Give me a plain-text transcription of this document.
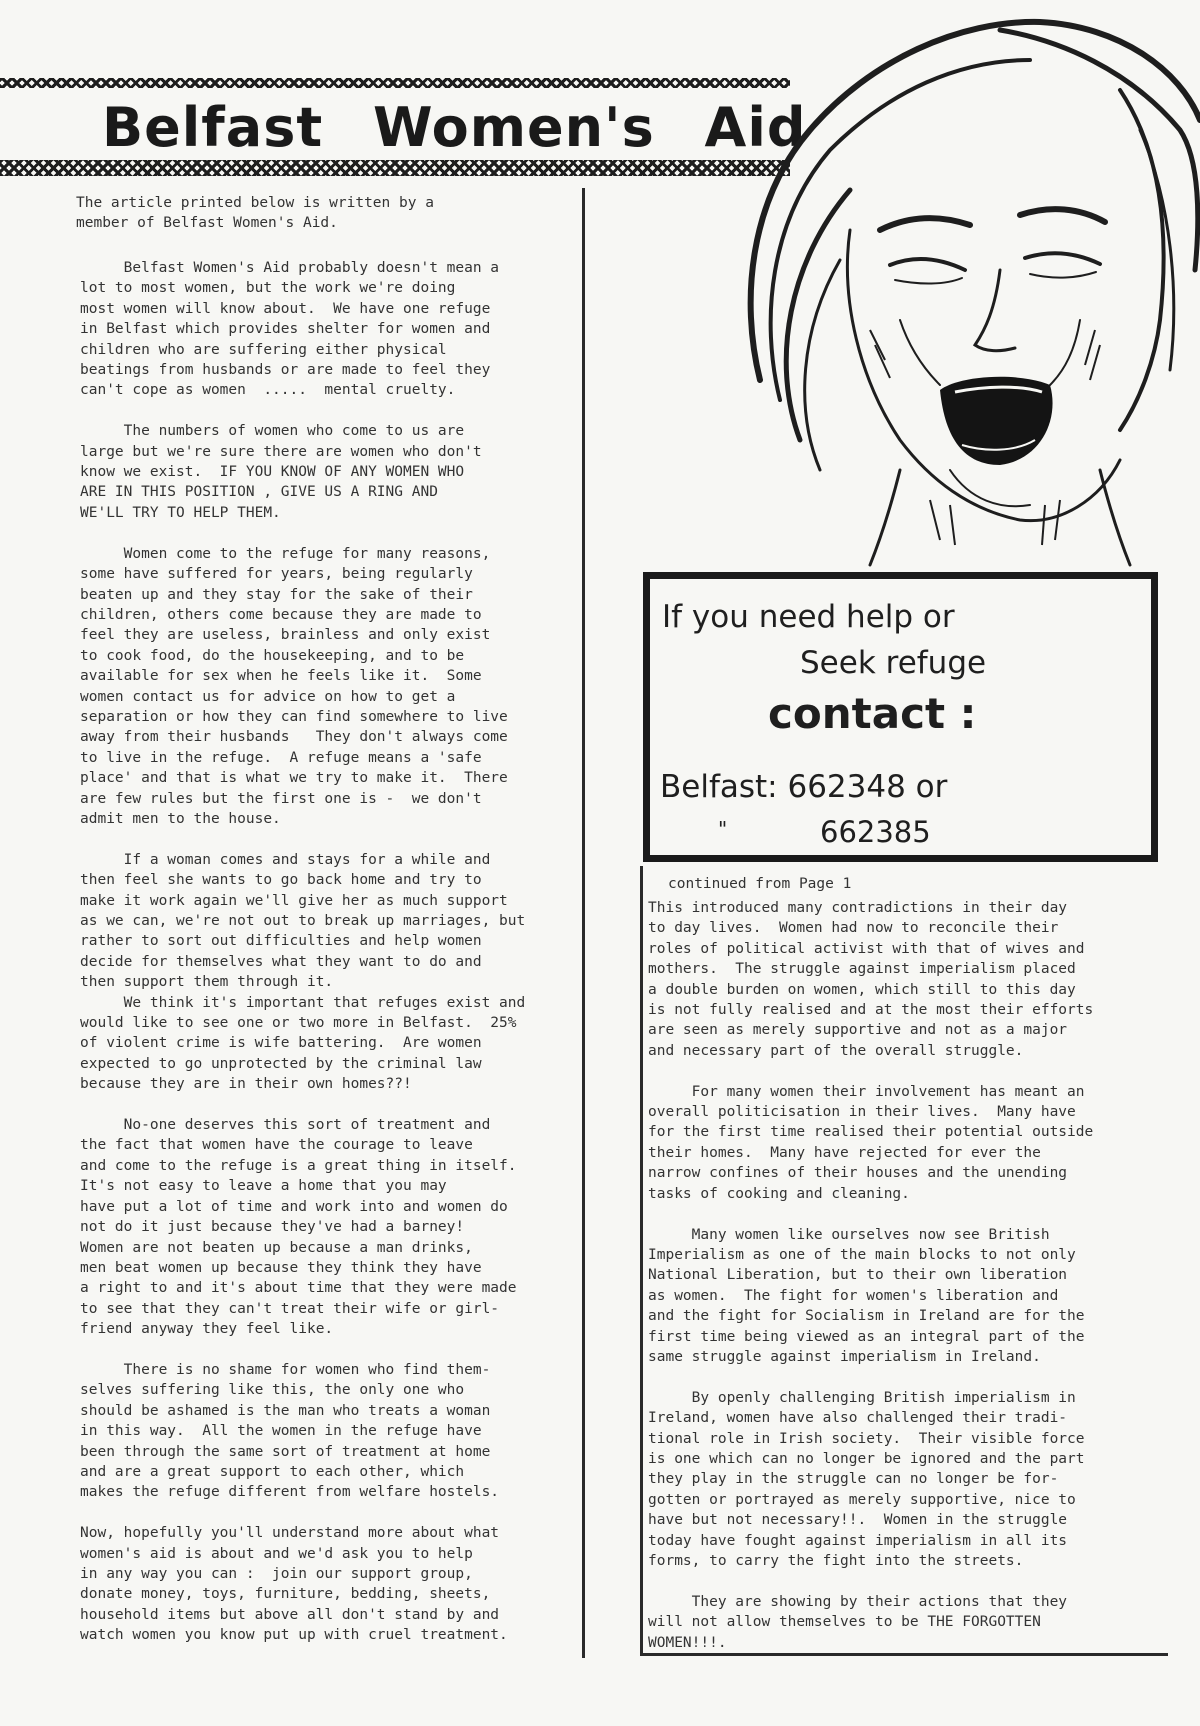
Belfast Women's Aid

The article printed below is written by a
member of Belfast Women's Aid.

Belfast Women's Aid probably doesn't mean a
lot to most women, but the work we're doing
most women will know about.  We have one refuge
in Belfast which provides shelter for women and
children who are suffering either physical
beatings from husbands or are made to feel they
can't cope as women  .....  mental cruelty.

The numbers of women who come to us are
large but we're sure there are women who don't
know we exist.  IF YOU KNOW OF ANY WOMEN WHO
ARE IN THIS POSITION , GIVE US A RING AND
WE'LL TRY TO HELP THEM.

Women come to the refuge for many reasons,
some have suffered for years, being regularly
beaten up and they stay for the sake of their
children, others come because they are made to
feel they are useless, brainless and only exist
to cook food, do the housekeeping, and to be
available for sex when he feels like it.  Some
women contact us for advice on how to get a
separation or how they can find somewhere to live
away from their husbands   They don't always come
to live in the refuge.  A refuge means a 'safe
place' and that is what we try to make it.  There
are few rules but the first one is -  we don't
admit men to the house.

If a woman comes and stays for a while and
then feel she wants to go back home and try to
make it work again we'll give her as much support
as we can, we're not out to break up marriages, but
rather to sort out difficulties and help women
decide for themselves what they want to do and
then support them through it.
We think it's important that refuges exist and
would like to see one or two more in Belfast.  25%
of violent crime is wife battering.  Are women
expected to go unprotected by the criminal law
because they are in their own homes??!

No-one deserves this sort of treatment and
the fact that women have the courage to leave
and come to the refuge is a great thing in itself.
It's not easy to leave a home that you may
have put a lot of time and work into and women do
not do it just because they've had a barney!
Women are not beaten up because a man drinks,
men beat women up because they think they have
a right to and it's about time that they were made
to see that they can't treat their wife or girl-
friend anyway they feel like.

There is no shame for women who find them-
selves suffering like this, the only one who
should be ashamed is the man who treats a woman
in this way.  All the women in the refuge have
been through the same sort of treatment at home
and are a great support to each other, which
makes the refuge different from welfare hostels.

Now, hopefully you'll understand more about what
women's aid is about and we'd ask you to help
in any way you can :  join our support group,
donate money, toys, furniture, bedding, sheets,
household items but above all don't stand by and
watch women you know put up with cruel treatment.

If you need help or

Seek refuge

contact :

Belfast: 662348 or

"	662385

continued from Page 1

This introduced many contradictions in their day
to day lives.  Women had now to reconcile their
roles of political activist with that of wives and
mothers.  The struggle against imperialism placed
a double burden on women, which still to this day
is not fully realised and at the most their efforts
are seen as merely supportive and not as a major
and necessary part of the overall struggle.

For many women their involvement has meant an
overall politicisation in their lives.  Many have
for the first time realised their potential outside
their homes.  Many have rejected for ever the
narrow confines of their houses and the unending
tasks of cooking and cleaning.

Many women like ourselves now see British
Imperialism as one of the main blocks to not only
National Liberation, but to their own liberation
as women.  The fight for women's liberation and
and the fight for Socialism in Ireland are for the
first time being viewed as an integral part of the
same struggle against imperialism in Ireland.

By openly challenging British imperialism in
Ireland, women have also challenged their tradi-
tional role in Irish society.  Their visible force
is one which can no longer be ignored and the part
they play in the struggle can no longer be for-
gotten or portrayed as merely supportive, nice to
have but not necessary!!.  Women in the struggle
today have fought against imperialism in all its
forms, to carry the fight into the streets.

They are showing by their actions that they
will not allow themselves to be THE FORGOTTEN
WOMEN!!!.
